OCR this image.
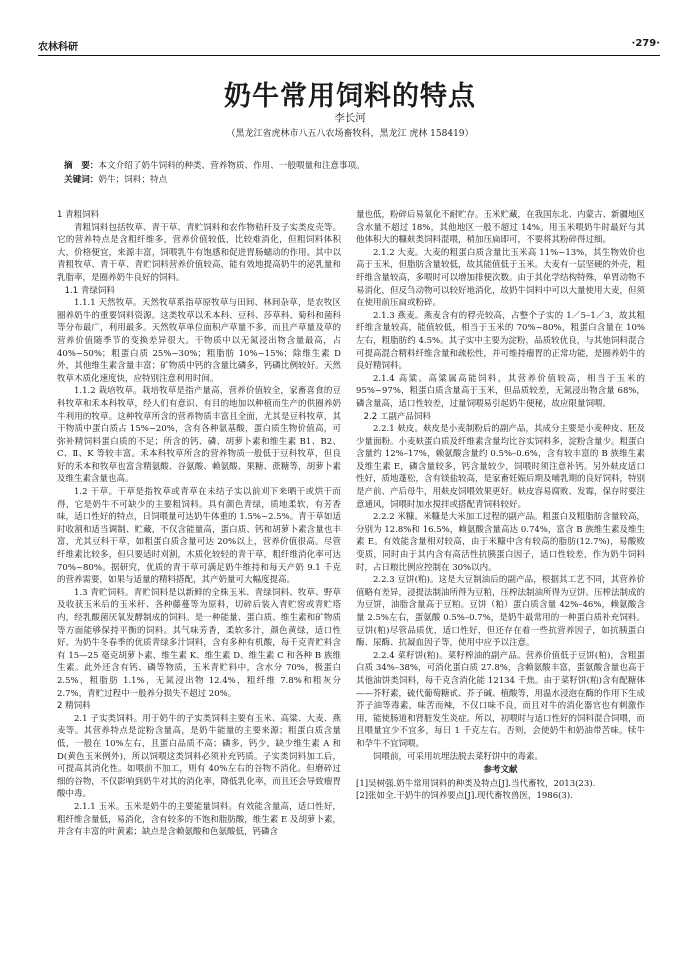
农林科研	·279·
奶牛常用饲料的特点
李长河
（黑龙江省虎林市八五八农场畜牧科，黑龙江 虎林 158419）
摘　要：本文介绍了奶牛饲料的种类、营养物质、作用、一般喂量和注意事项。
关键词：奶牛；饲料；特点
1 青粗饲料
青粗饲料包括牧草、青干草、青贮饲料和农作物秸秆及子实类皮壳等。它的营养特点是含粗纤维多，营养价值较低，比较难消化，但粗饲料体积大，价格便宜，来源丰富，饲喂乳牛有饱感和促进胃肠蠕动的作用。其中以青粗牧草、青干草、青贮饲料营养价值较高，能有效地提高奶牛的泌乳量和乳脂率，是圈养奶牛良好的饲料。
1.1 青绿饲料
1.1.1 天然牧草。天然牧草系指草原牧草与田间、林间杂草，是农牧区圈养奶牛的重要饲料资源。这类牧草以禾本科、豆科、莎草科、菊科和菌科等分布最广，利用最多。天然牧草单位面积产草量不多，而且产草量及草的营养价值随季节的变换差异很大。干物质中以无氮浸出物含量最高，占 40%~50%；粗蛋白质 25%~30%；粗脂肪 10%~15%；除维生素 D 外，其他维生素含量丰富；矿物质中钙的含量比磷多，钙磷比例较好。天然牧草木质化速度快，应特别注意利用时间。
1.1.2 栽培牧草。栽培牧草是指产量高，营养价值较全，家畜喜食的豆科牧草和禾本科牧草，经人们有意识、有目的地加以种植而生产的供圈养奶牛利用的牧草。这种牧草所含的营养物质丰富且全面，尤其是豆科牧草，其干物质中蛋白质占 15%~20%，含有各种氨基酸，蛋白质生物价值高，可弥补精饲料蛋白质的不足；所含的钙、磷、胡萝卜素和维生素 B1、B2、C、Ⅱ、K 等较丰富。禾本科牧草所含的营养物质一般低于豆科牧草，但良好的禾本和牧草也富含精氨酸、谷氨酸、赖氨酸、果糖、蔗糖等，胡萝卜素及维生素含量也高。
1.2 干草。干草是指牧草或青草在未结子实以前刈下来晒干或烘干而得，它是奶牛不可缺少的主要粗饲料。具有颜色青绿，质地柔软，有芳香味，适口性好的特点，日饲喂量可达奶牛体重的 1.5%~2.5%。青干草如适时收割和适当调制、贮藏，不仅含能量高，蛋白质、钙和胡萝卜素含量也丰富，尤其豆科干草，如粗蛋白质含量可达 20%以上，营养价值很高。尽管纤维素比较多，但只要适时刈割，木质化较轻的青干草，粗纤维消化率可达 70%~80%。据研究，优质的青干草可满足奶牛维持和每天产奶 9.1 千克的营养需要，如果与适量的精料搭配，其产奶量可大幅度提高。
1.3 青贮饲料。青贮饲料是以新鲜的全株玉米、青绿饲料、牧草、野草及收获玉米后的玉米秆、各种藤蔓等为原料，切碎后装入青贮窖或青贮塔内，经乳酸菌厌氧发酵制成的饲料。是一种能量、蛋白质、维生素和矿物质等方面能够保持平衡的饲料。其气味芳香，柔软多汁，颜色黄绿，适口性好。为奶牛冬春季的优质青绿多汁饲料，含有多种有机酸，每千克青贮料含有 15—25 毫克胡萝卜素、维生素 K、维生素 D、维生素 C 和各种 B 族维生素。此外还含有钙、磷等物质，玉米青贮料中，含水分 70%，极蛋白 2.5%，粗脂肪 1.1%，无氮浸出物 12.4%，粗纤维 7.8%和粗灰分 2.7%，青贮过程中一般养分损失不超过 20%。
2 精饲料
2.1 子实类饲料。用于奶牛的子实类饲料主要有玉米、高粱、大麦、燕麦等。其营养特点是淀粉含量高，是奶牛能量的主要来源；粗蛋白质含量低，一般在 10%左右，且蛋白品质不高；磷多，钙少，缺少维生素 A 和 D(黄色玉米例外)，所以饲喂这类饲料必须补充钙质。子实类饲料加工后，可提高其消化性。如喂前不加工，则有 40%左右的谷物不消化。但磨碎过细的谷物，不仅影响到奶牛对其的消化率，降低乳化率，而且还会导致瘤胃酸中毒。
2.1.1 玉米。玉米是奶牛的主要能量饲料。有效能含量高，适口性好，粗纤维含量低，易消化，含有较多的不饱和脂肪酸，维生素 E 及胡萝卜素，并含有丰富的叶黄素；缺点是含赖氨酸和色氨酸低，钙磷含
量也低，粉碎后易氧化不耐贮存。玉米贮藏，在我国东北、内蒙古、新疆地区含水量不超过 18%，其他地区一般不超过 14%。用玉米喂奶牛时最好与其他体积大的糠麸类饲料混喂，稍加压扁即可，不要将其粉碎得过细。
2.1.2 大麦。大麦的粗蛋白质含量比玉米高 11%~13%，其生物效价也高于玉米，但脂肪含量较低，故其能值低于玉米。大麦有一层坚硬的外壳，粗纤维含量较高，多喂时可以增加排便次数。由于其化学结构特殊，单胃动物不易消化，但反刍动物可以较好地消化，故奶牛饲料中可以大量使用大麦，但须在使用前压扁或粉碎。
2.1.3 燕麦。燕麦含有的稃壳较高，占整个子实的 1／5–1／3，故其粗纤维含量较高，能值较低，相当于玉米的 70%~80%，粗蛋白含量在 10%左右，粗脂肪约 4.5%。其子实中主要为淀粉，品质较优良，与其他饲料混合可提高混合精料纤维含量和疏松性，并可维持瘤胃的正常功能，是圈养奶牛的良好精饲料。
2.1.4 高粱。高粱属高能饲料，其营养价值较高，相当于玉米的 95%~97%，粗蛋白质含量高于玉米，但品质较差，无氮浸出物含量 68%，磷含量高，适口性较差，过量饲喂易引起奶牛便秘，故应限量饲喂。
2.2 工副产品饲料
2.2.1 麸皮。麸皮是小麦制粉后的副产品，其成分主要是小麦种皮、胚及少量面粉。小麦麸蛋白质及纤维素含量均比谷实饲料多，淀粉含量少。粗蛋白含量约 12%–17%，赖氨酸含量约 0.5%–0.6%，含有较丰富的 B 族维生素及维生素 E，磷含量较多，钙含量较少，饲喂时须注意补钙。另外麸皮适口性好，质地蓬松，含有镁盐较高，是家畜妊娠后期及哺乳期的良好饲料，特别是产前、产后母牛，用麸皮饲喂效果更好。麸皮容易腐败、发霉，保存时要注意通风，饲喂时加水搅拌或搭配青饲料较好。
2.2.2 米糠。米糠是大米加工过程的副产品。粗蛋白及粗脂肪含量较高，分别为 12.8%和 16.5%，赖氨酸含量高达 0.74%，富含 B 族维生素及维生素 E。有效能含量相对较高，由于米糠中含有较高的脂肪(12.7%)，易酸败变质，同时由于其内含有高活性抗胰蛋白因子，适口性较差，作为奶牛饲料时，占日粮比例应控制在 30%以内。
2.2.3 豆饼(粕)。这是大豆制油后的副产品，根据其工艺不同，其营养价值略有差异，浸提法制油所得为豆粕，压榨法制油所得为豆饼。压榨法制成的为豆饼，油脂含量高于豆粕。豆饼（粕）蛋白质含量 42%–46%，赖氨酸含量 2.5%左右，蛋氨酸 0.5%–0.7%，是奶牛最常用的一种蛋白质补充饲料。豆饼(粕)尽管品质优，适口性好，但还存在着一些抗营养因子，如抗胰蛋白酶、尿酶、抗凝血因子等，使用中应予以注意。
2.2.4 菜籽饼(粕)。菜籽榨油的副产品。营养价值低于豆饼(粕)，含粗蛋白质 34%–38%，可消化蛋白质 27.8%，含赖氨酸丰富，蛋氨酸含量也高于其他油饼类饲料，每千克含消化能 12134 千焦。由于菜籽饼(粕)含有配糖体——芥籽素，硫代葡萄糖甙、芥子碱、植酸等，用温水浸泡在酶的作用下生成芥子油等毒素，味苦而辣，不仅口味不良，而且对牛的消化器官也有刺激作用，能使肠道和肾脏发生炎症。所以，初喂时与适口性好的饲料混合饲喂，而且喂量宜少不宜多，每日 1 千克左右。否则，会使奶牛和奶油带苦味。犊牛和孕牛不宜饲喂。
饲喂前，可采用坑埋法脱去菜籽饼中的毒素。
参考文献
[1]吴树强.奶牛常用饲料的种类及特点[J].当代畜牧，2013(23).
[2]张如全.干奶牛的饲养要点[J].现代畜牧兽医，1986(3).
